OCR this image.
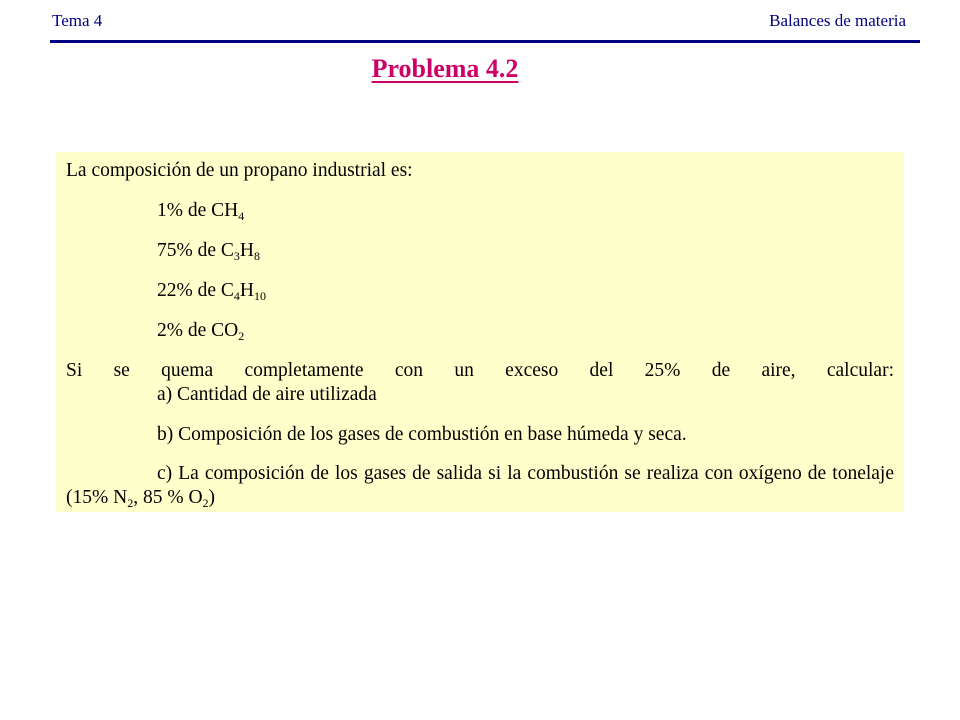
Tema 4	Balances de materia
Problema 4.2

La composición de un propano industrial es:

1% de $CH_4$

75% de $C_3H_8$

22% de $C_4H_{10}$

2% de $CO_2$

Si se quema completamente con un exceso del 25% de aire, calcular:

a) Cantidad de aire utilizada

b) Composición de los gases de combustión en base húmeda y seca.

c) La composición de los gases de salida si la combustión se realiza con oxígeno de tonelaje (15% $N_2$, 85 % $O_2$)
